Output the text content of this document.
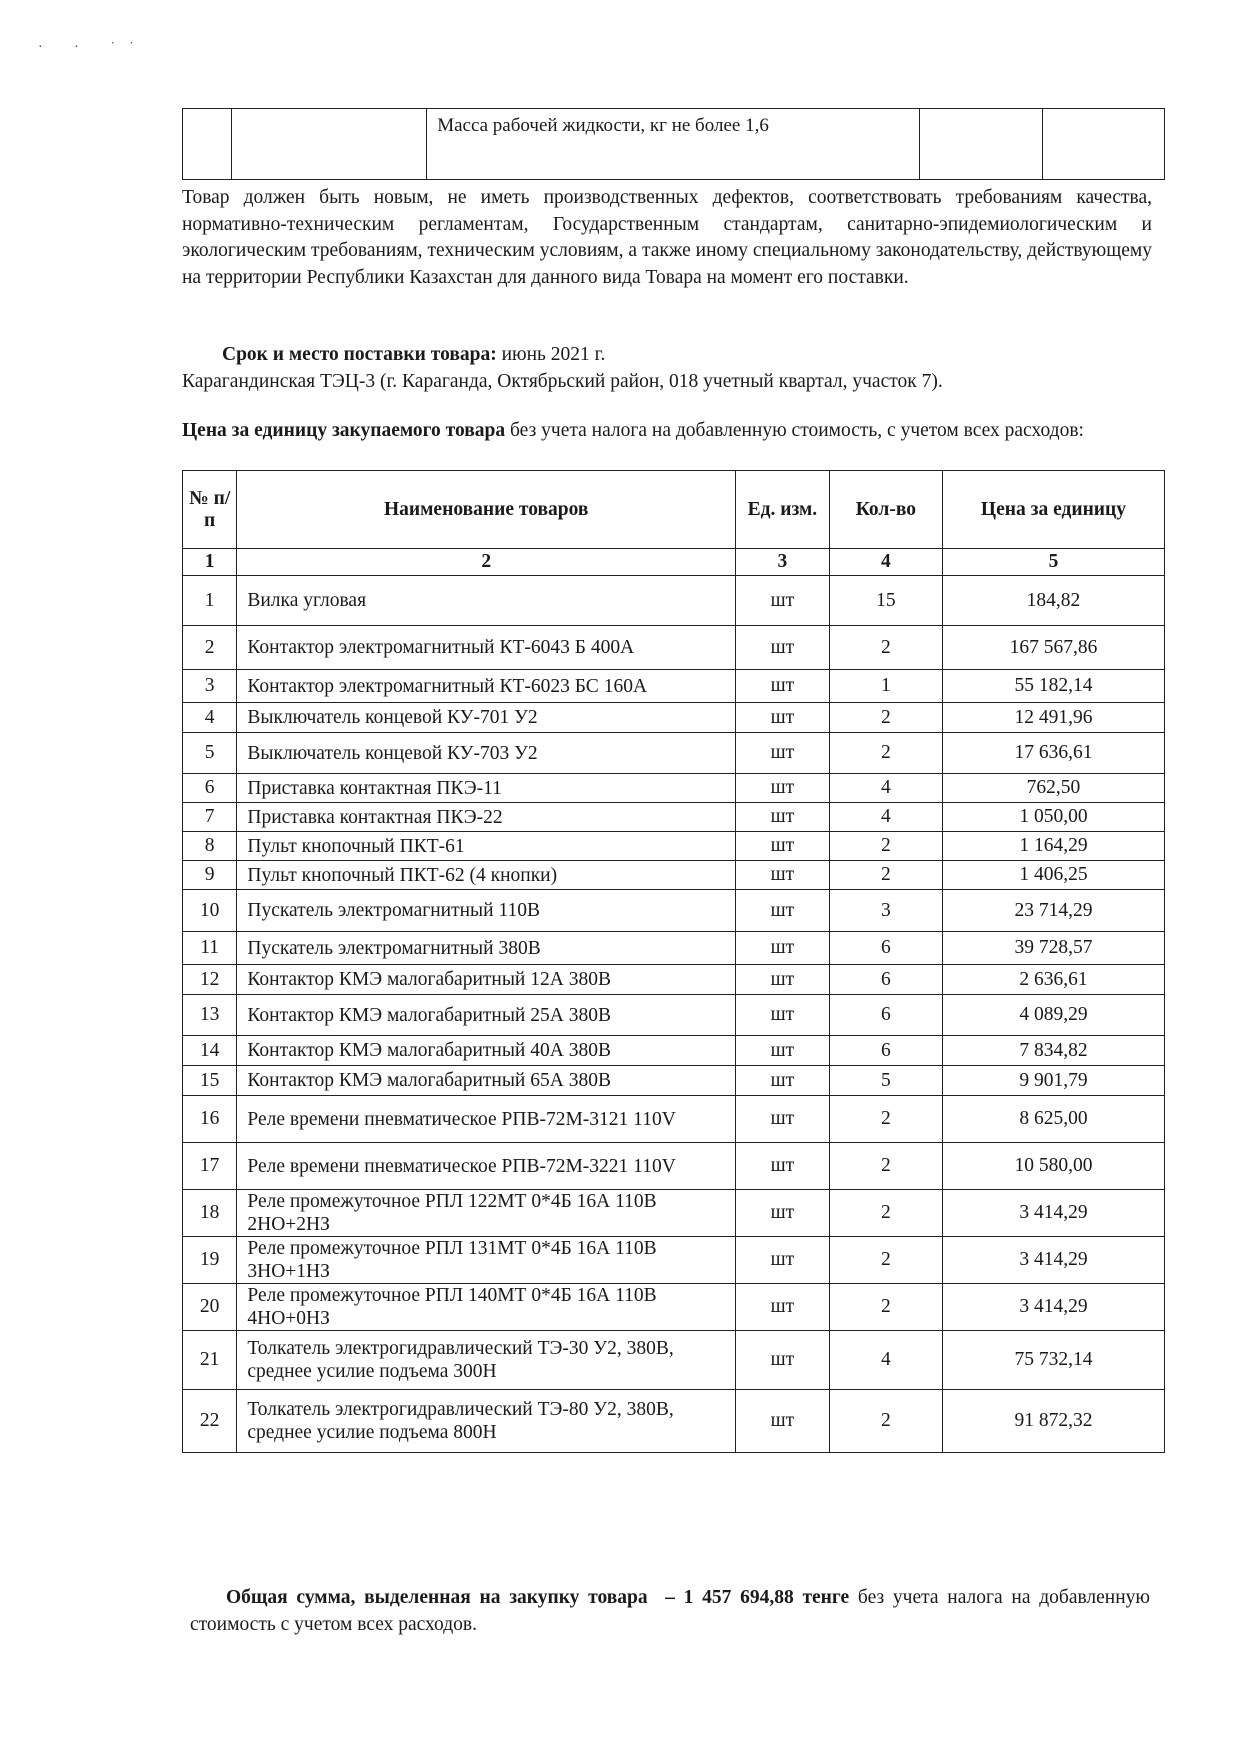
· · ˙˙
		Масса рабочей жидкости, кг не более 1,6		
Товар должен быть новым, не иметь производственных дефектов, соответствовать требованиям качества, нормативно-техническим регламентам, Государственным стандартам, санитарно-эпидемиологическим и экологическим требованиям, техническим условиям, а также иному специальному законодательству, действующему на территории Республики Казахстан для данного вида Товара на момент его поставки.
Срок и место поставки товара: июнь 2021 г.
Карагандинская ТЭЦ-3 (г. Караганда, Октябрьский район, 018 учетный квартал, участок 7).
Цена за единицу закупаемого товара без учета налога на добавленную стоимость, с учетом всех расходов:
№ п/п	Наименование товаров	Ед. изм.	Кол-во	Цена за единицу
1	2	3	4	5
1	Вилка угловая	шт	15	184,82
2	Контактор электромагнитный КТ-6043 Б 400А	шт	2	167 567,86
3	Контактор электромагнитный КТ-6023 БС 160А	шт	1	55 182,14
4	Выключатель концевой КУ-701 У2	шт	2	12 491,96
5	Выключатель концевой КУ-703 У2	шт	2	17 636,61
6	Приставка контактная ПКЭ-11	шт	4	762,50
7	Приставка контактная ПКЭ-22	шт	4	1 050,00
8	Пульт кнопочный ПКТ-61	шт	2	1 164,29
9	Пульт кнопочный ПКТ-62 (4 кнопки)	шт	2	1 406,25
10	Пускатель электромагнитный 110В	шт	3	23 714,29
11	Пускатель электромагнитный 380В	шт	6	39 728,57
12	Контактор КМЭ малогабаритный 12А 380В	шт	6	2 636,61
13	Контактор КМЭ малогабаритный 25А 380В	шт	6	4 089,29
14	Контактор КМЭ малогабаритный 40А 380В	шт	6	7 834,82
15	Контактор КМЭ малогабаритный 65А 380В	шт	5	9 901,79
16	Реле времени пневматическое РПВ-72М-3121 110V	шт	2	8 625,00
17	Реле времени пневматическое РПВ-72М-3221 110V	шт	2	10 580,00
18	Реле промежуточное РПЛ 122МТ 0*4Б 16А 110В 2НО+2НЗ	шт	2	3 414,29
19	Реле промежуточное РПЛ 131МТ 0*4Б 16А 110В 3НО+1НЗ	шт	2	3 414,29
20	Реле промежуточное РПЛ 140МТ 0*4Б 16А 110В 4НО+0НЗ	шт	2	3 414,29
21	Толкатель электрогидравлический ТЭ-30 У2, 380В, среднее усилие подъема 300Н	шт	4	75 732,14
22	Толкатель электрогидравлический ТЭ-80 У2, 380В, среднее усилие подъема 800Н	шт	2	91 872,32
Общая сумма, выделенная на закупку товара – 1 457 694,88 тенге без учета налога на добавленную стоимость с учетом всех расходов.
